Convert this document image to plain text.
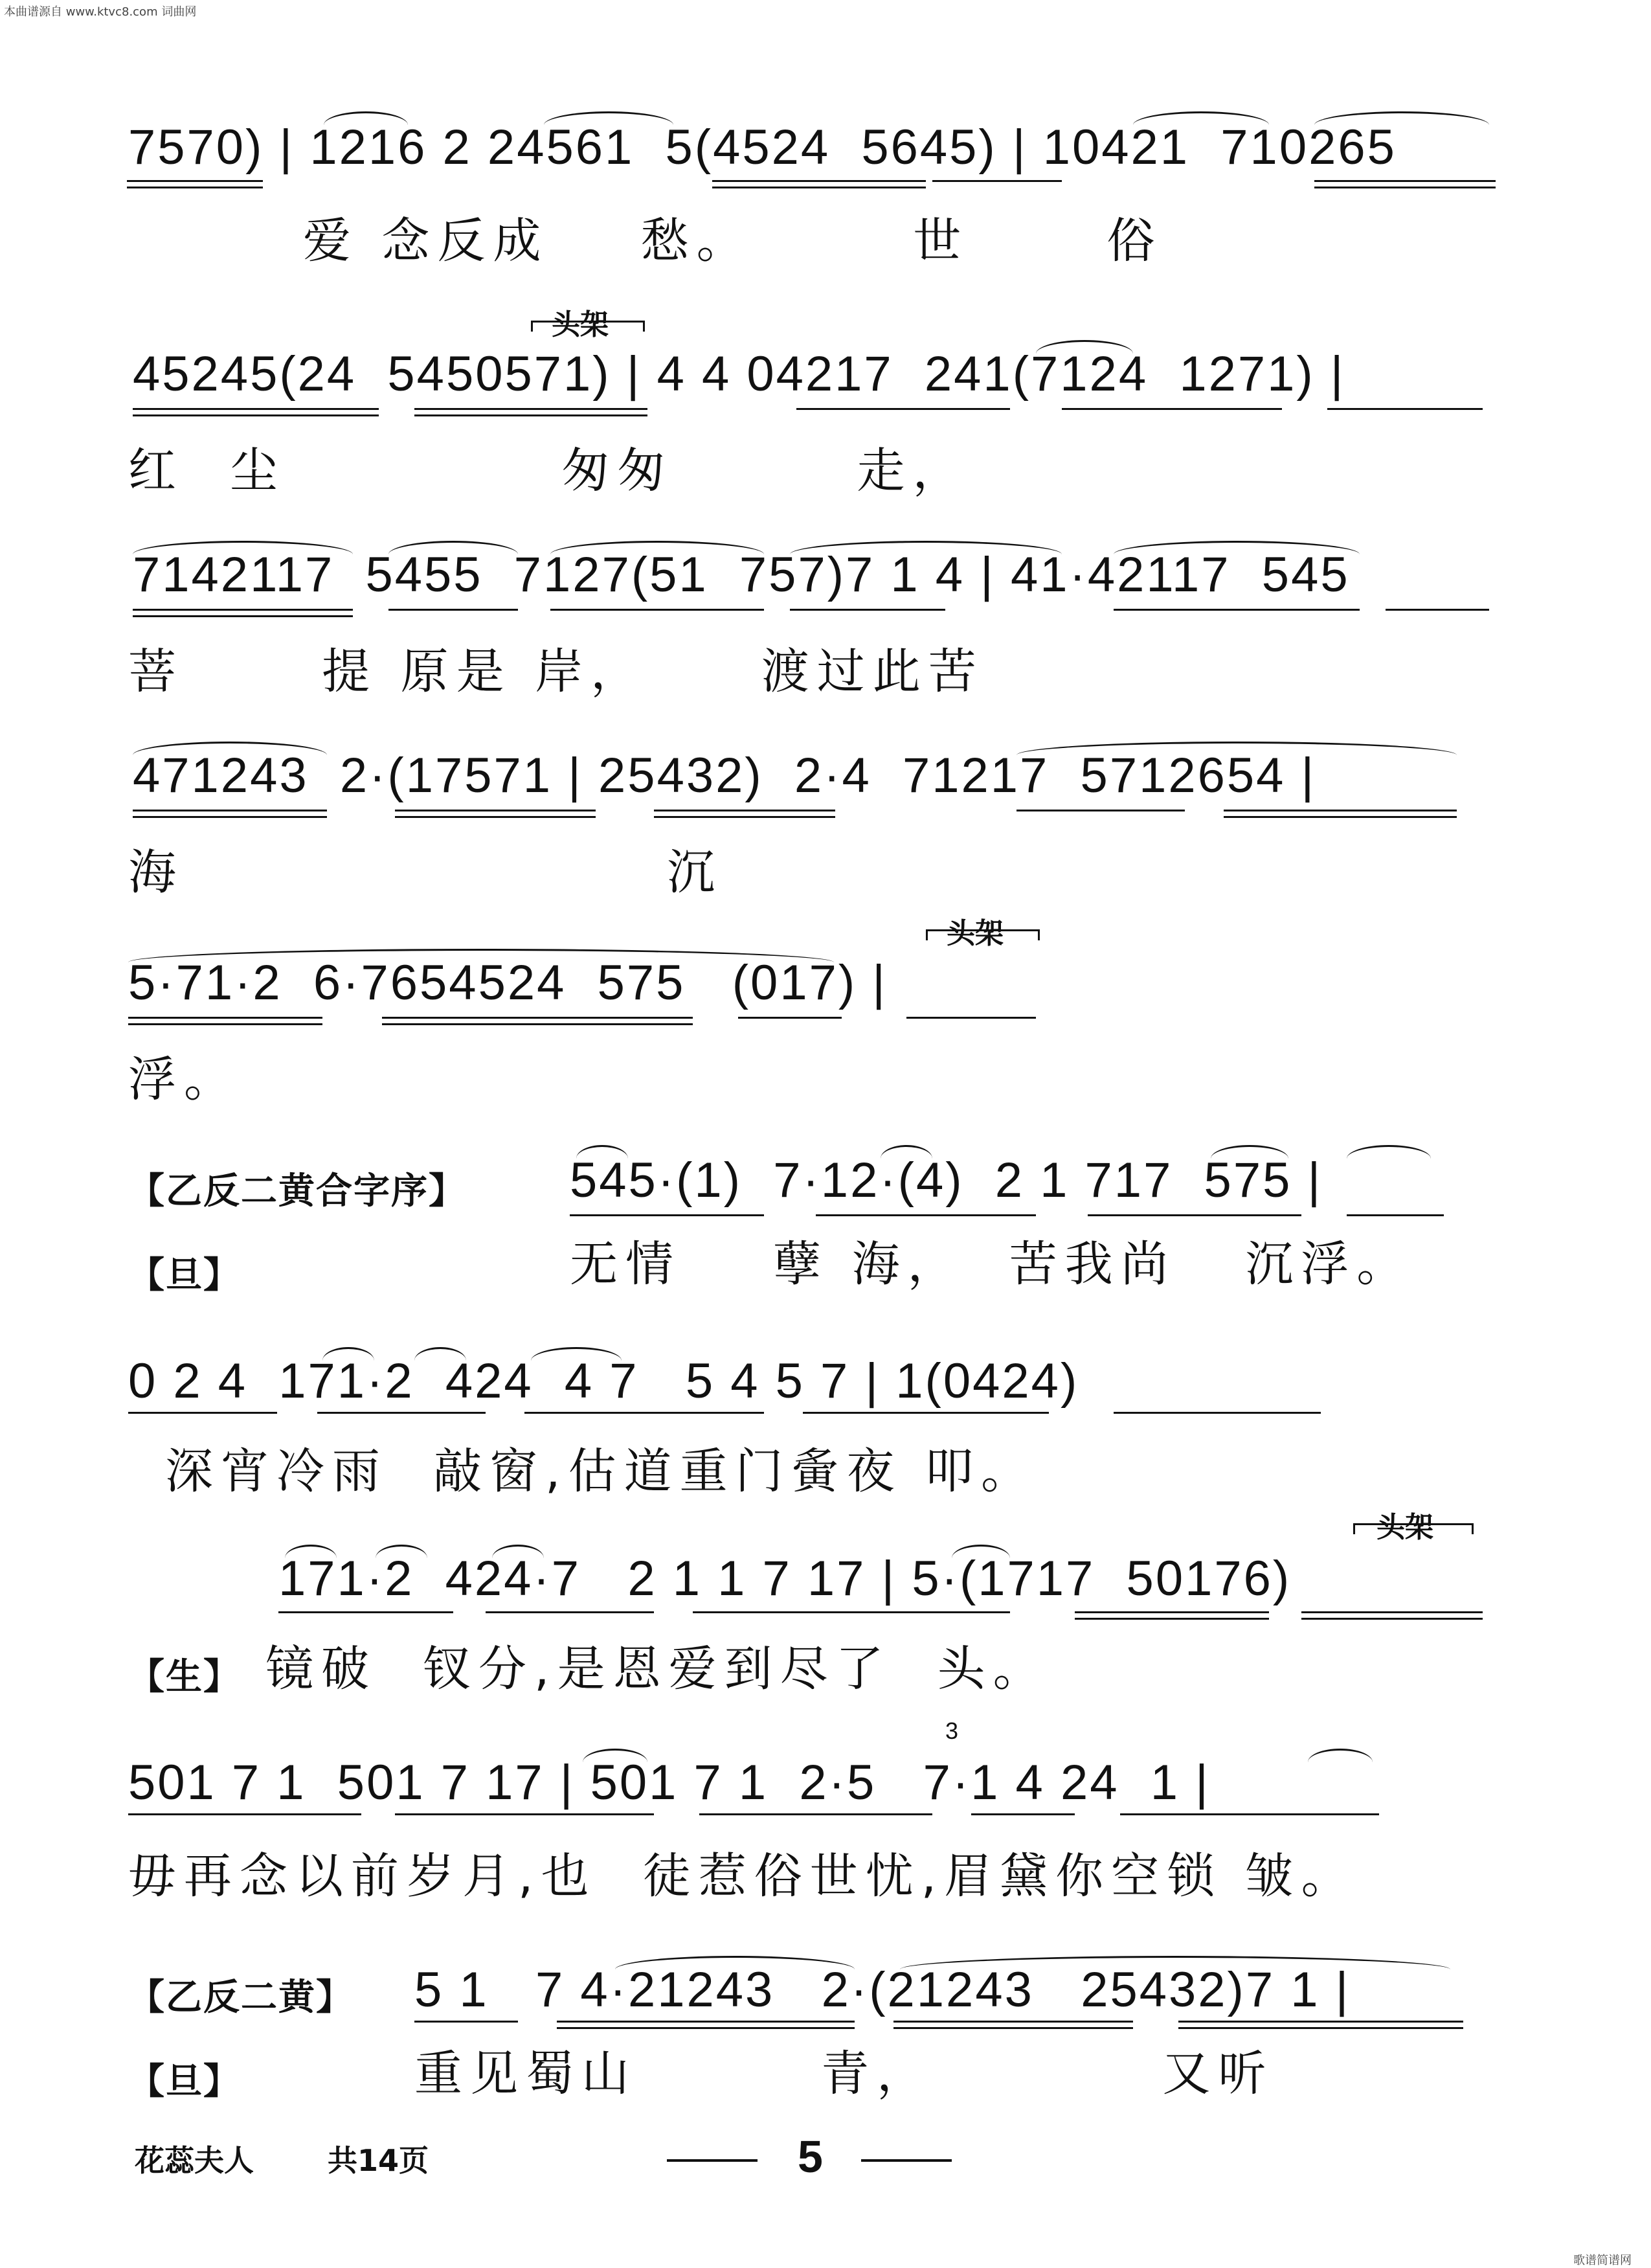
本曲谱源自 www.ktvc8.com 词曲网
歌谱简谱网
7570) | 1216 2 24561  5(4524  5645) | 10421  710265
爱 念反成    愁。       世      俗
头架
45245(24  5450571) | 4 4 04217  241(7124  1271) |
红  尘            匆匆        走，
7142117  5455  7127(51  757)7 1 4 | 41·42117  545
菩      提 原是 岸，     渡过此苦
471243  2·(17571 | 25432)  2·4  71217  5712654 |
海                     沉
头架
5·71·2  6·7654524  575   (017) |
浮。
【乙反二黄合字序】 545·(1)  7·12·(4)  2 1 717  575 |
【旦】	无情    孽 海，  苦我尚   沉浮。
0 2 4  171·2  424  4 7   5 4 5 7 | 1(0424)
深宵冷雨  敲窗,估道重门夤夜 叩。
头架
171·2  424·7   2 1 1 7 17 | 5·(1717  50176)
【生】 镜破  钗分,是恩爱到尽了  头。
3
501 7 1  501 7 17 | 501 7 1  2·5   7·1 4 24  1 |
毋再念以前岁月,也  徒惹俗世忧,眉黛你空锁 皱。
【乙反二黄】 5 1   7 4·21243   2·(21243   25432)7 1 |
【旦】	重见蜀山        青，          又听
花蕊夫人 共14页	5
